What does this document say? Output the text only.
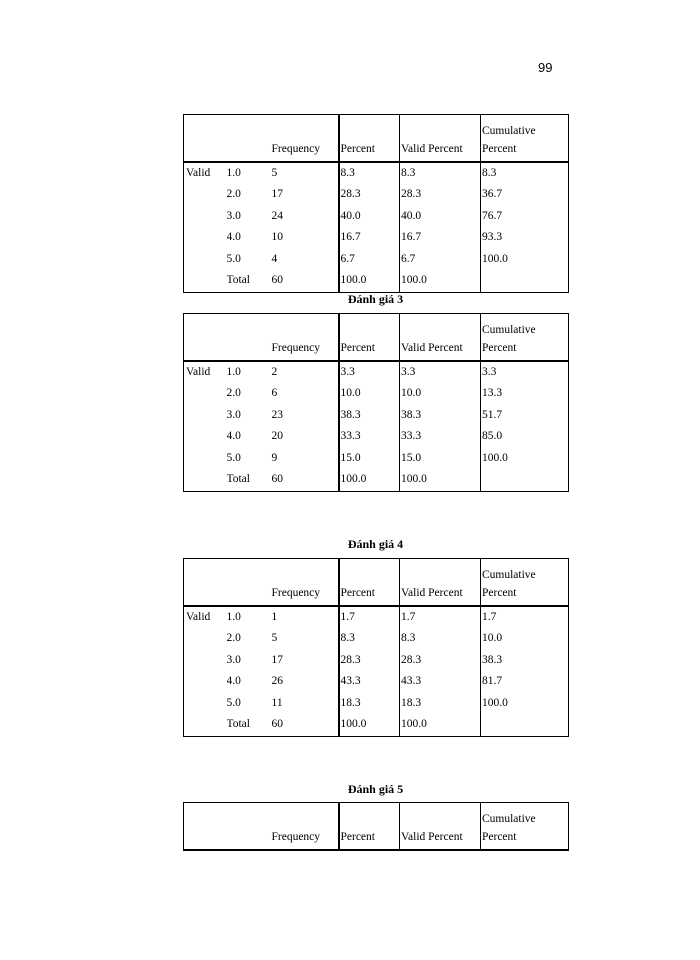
99
					Cumulative
		Frequency	Percent	Valid Percent	Percent
Valid	1.0	5	8.3	8.3	8.3
	2.0	17	28.3	28.3	36.7
	3.0	24	40.0	40.0	76.7
	4.0	10	16.7	16.7	93.3
	5.0	4	6.7	6.7	100.0
	Total	60	100.0	100.0	
Đánh giá 3
					Cumulative
		Frequency	Percent	Valid Percent	Percent
Valid	1.0	2	3.3	3.3	3.3
	2.0	6	10.0	10.0	13.3
	3.0	23	38.3	38.3	51.7
	4.0	20	33.3	33.3	85.0
	5.0	9	15.0	15.0	100.0
	Total	60	100.0	100.0	
Đánh giá 4
					Cumulative
		Frequency	Percent	Valid Percent	Percent
Valid	1.0	1	1.7	1.7	1.7
	2.0	5	8.3	8.3	10.0
	3.0	17	28.3	28.3	38.3
	4.0	26	43.3	43.3	81.7
	5.0	11	18.3	18.3	100.0
	Total	60	100.0	100.0	
Đánh giá 5
					Cumulative
		Frequency	Percent	Valid Percent	Percent
